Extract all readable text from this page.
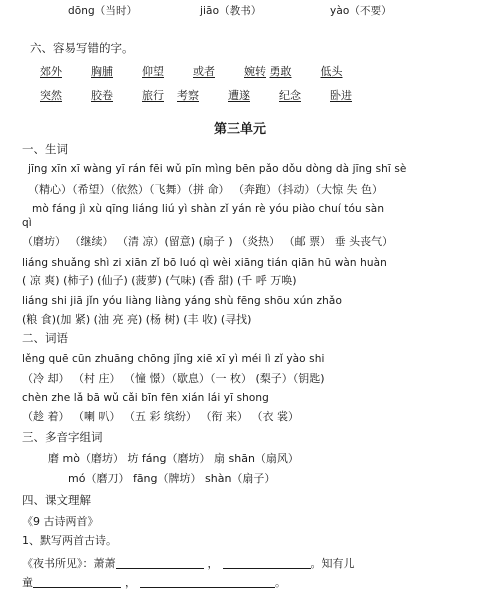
dōng（当时）	jiāo（教书）	yào（不要）
六、容易写错的字。
郊外	胸脯	仰望	或者	婉转 勇敢	低头
突然	胶卷	旅行 考察	遭遂	纪念	卧进
第三单元
一、生词
jīng xīn xī wàng yī rán fēi wǔ pīn mìng bēn pǎo dǒu dòng dà jīng shī sè
（精心）（希望）（依然）（飞舞）（拼 命） （奔跑）（抖动）（大惊 失 色）
mò fáng jì xù qīng liáng liú yì shàn zǐ yán rè yóu piào chuí tóu sàn
qì
（磨坊） （继续） （清 凉）(留意) (扇子 ) （炎热） （邮 票） 垂 头丧气）
liáng shuǎng shì zi xiān zǐ bō luó qì wèi xiāng tián qiān hū wàn huàn
( 凉 爽) (柿子) (仙子) (菠萝) (气味) (香 甜) (千 呼 万唤)
liáng shi jiā jǐn yóu liàng liàng yáng shù fēng shōu xún zhǎo
(粮 食)(加 紧) (油 亮 亮) (杨 树) (丰 收) (寻找)
二、词语
lěng quē cūn zhuāng chōng jǐng xiē xī yì méi lì zǐ yào shi
（冷 却） （村 庄） （憧 憬）（歇息）（一 枚） (梨子）（钥匙)
chèn zhe lǎ bā wǔ cǎi bīn fēn xián lái yī shong
（趁 着） （喇 叭） （五 彩 缤纷） （衔 来） （衣 裳）
三、多音字组词
磨 mò（磨坊） 坊 fáng（磨坊） 扇 shān（扇风）
mó（磨刀） fāng（牌坊） shàn（扇子）
四、课文理解
《9 古诗两首》
1、默写两首古诗。
《夜书所见》：萧萧	，	。知有儿
童	，	。
